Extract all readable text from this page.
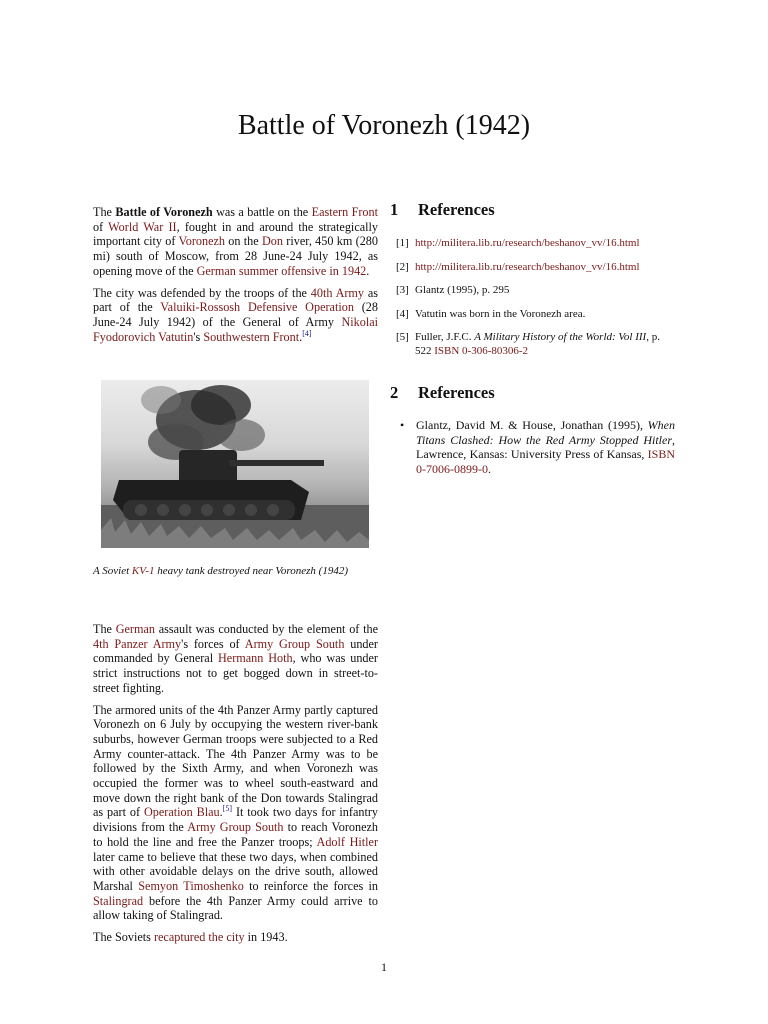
Battle of Voronezh (1942)

The Battle of Voronezh was a battle on the Eastern Front of World War II, fought in and around the strategically important city of Voronezh on the Don river, 450 km (280 mi) south of Moscow, from 28 June-24 July 1942, as opening move of the German summer offensive in 1942.

The city was defended by the troops of the 40th Army as part of the Valuiki-Rossosh Defensive Operation (28 June-24 July 1942) of the General of Army Nikolai Fyodorovich Vatutin's Southwestern Front.[4]

A Soviet KV-1 heavy tank destroyed near Voronezh (1942)

The German assault was conducted by the element of the 4th Panzer Army's forces of Army Group South under commanded by General Hermann Hoth, who was under strict instructions not to get bogged down in street-to-street fighting.

The armored units of the 4th Panzer Army partly captured Voronezh on 6 July by occupying the western river-bank suburbs, however German troops were subjected to a Red Army counter-attack. The 4th Panzer Army was to be followed by the Sixth Army, and when Voronezh was occupied the former was to wheel south-eastward and move down the right bank of the Don towards Stalingrad as part of Operation Blau.[5] It took two days for infantry divisions from the Army Group South to reach Voronezh to hold the line and free the Panzer troops; Adolf Hitler later came to believe that these two days, when combined with other avoidable delays on the drive south, allowed Marshal Semyon Timoshenko to reinforce the forces in Stalingrad before the 4th Panzer Army could arrive to allow taking of Stalingrad.

The Soviets recaptured the city in 1943.

1 References
[1] http://militera.lib.ru/research/beshanov_vv/16.html
[2] http://militera.lib.ru/research/beshanov_vv/16.html
[3] Glantz (1995), p. 295
[4] Vatutin was born in the Voronezh area.
[5] Fuller, J.F.C. A Military History of the World: Vol III, p. 522 ISBN 0-306-80306-2
2 References
• Glantz, David M. & House, Jonathan (1995), When Titans Clashed: How the Red Army Stopped Hitler, Lawrence, Kansas: University Press of Kansas, ISBN 0-7006-0899-0.
1
